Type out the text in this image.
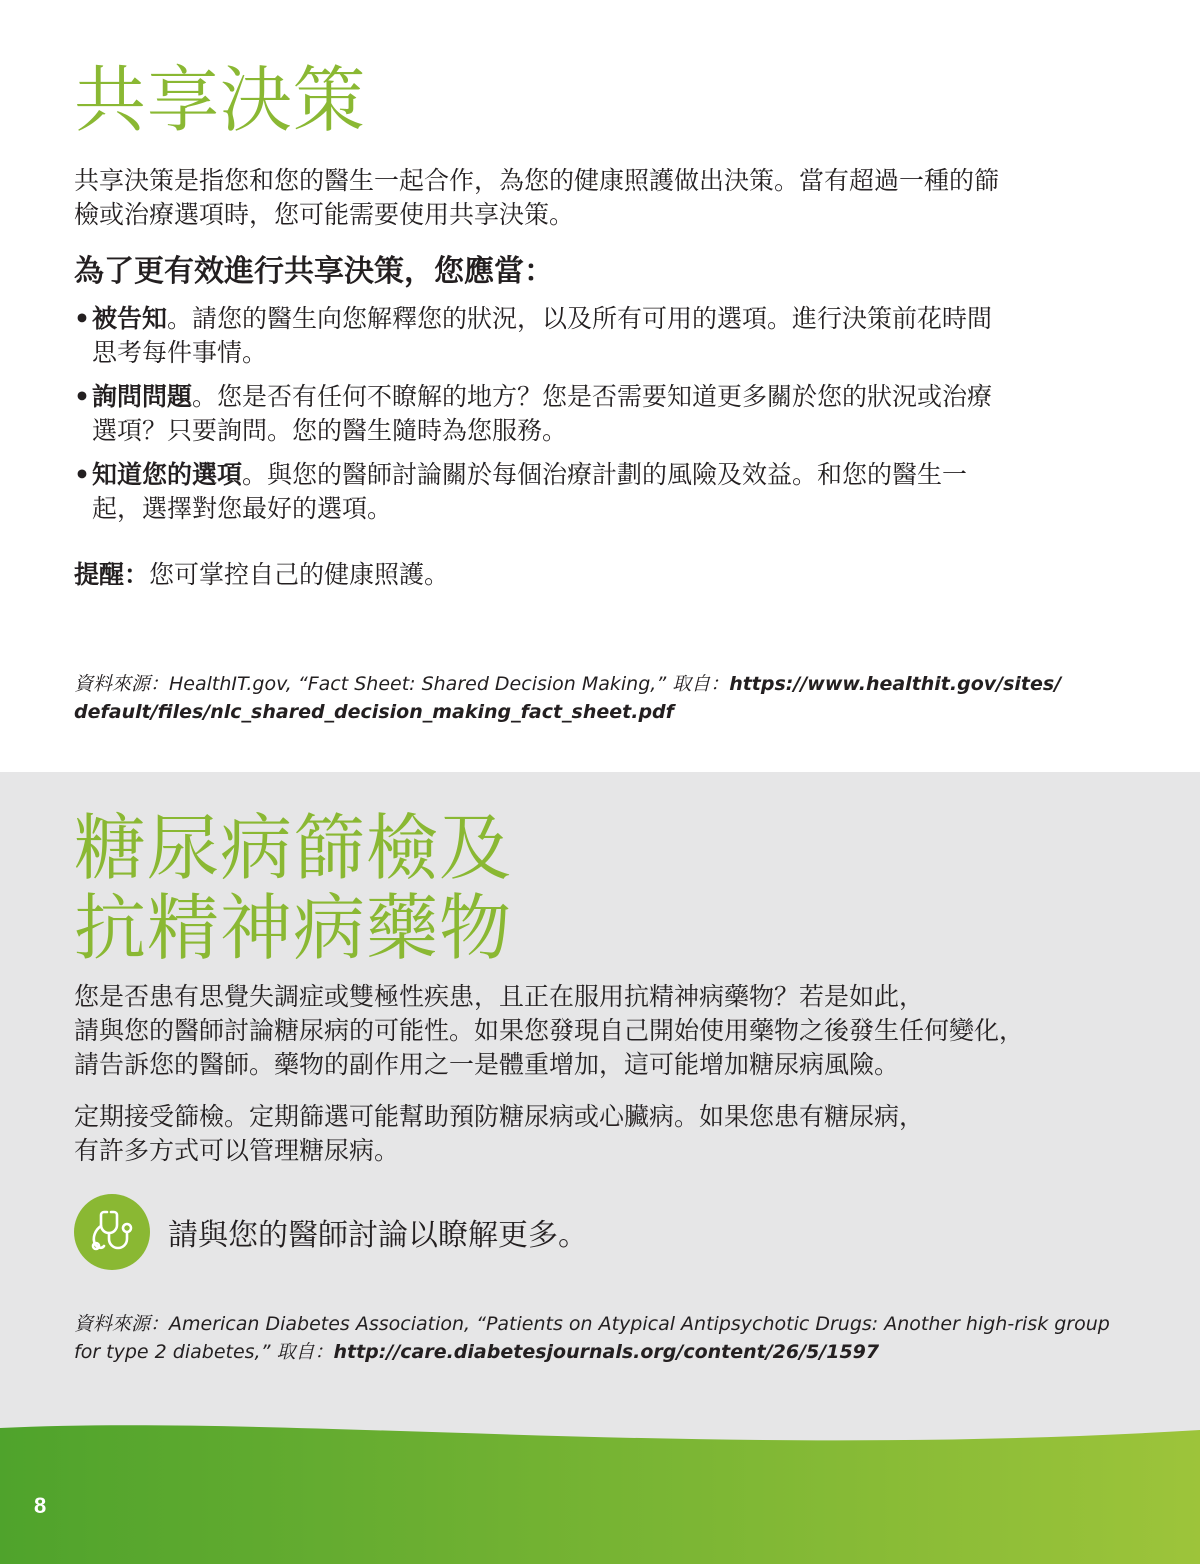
共享決策

共享決策是指您和您的醫生一起合作，為您的健康照護做出決策。當有超過一種的篩
檢或治療選項時，您可能需要使用共享決策。

為了更有效進行共享決策，您應當：
• 被告知。請您的醫生向您解釋您的狀況，以及所有可用的選項。進行決策前花時間
思考每件事情。
• 詢問問題。您是否有任何不瞭解的地方？您是否需要知道更多關於您的狀況或治療
選項？只要詢問。您的醫生隨時為您服務。
• 知道您的選項。與您的醫師討論關於每個治療計劃的風險及效益。和您的醫生一
起，選擇對您最好的選項。

提醒：您可掌控自己的健康照護。

資料來源：HealthIT.gov, “Fact Sheet: Shared Decision Making,” 取自：https://www.healthit.gov/sites/
default/files/nlc_shared_decision_making_fact_sheet.pdf

糖尿病篩檢及
抗精神病藥物

您是否患有思覺失調症或雙極性疾患，且正在服用抗精神病藥物？若是如此，
請與您的醫師討論糖尿病的可能性。如果您發現自己開始使用藥物之後發生任何變化，
請告訴您的醫師。藥物的副作用之一是體重增加，這可能增加糖尿病風險。

定期接受篩檢。定期篩選可能幫助預防糖尿病或心臟病。如果您患有糖尿病，
有許多方式可以管理糖尿病。

請與您的醫師討論以瞭解更多。

資料來源：American Diabetes Association, “Patients on Atypical Antipsychotic Drugs: Another high-risk group
for type 2 diabetes,” 取自：http://care.diabetesjournals.org/content/26/5/1597

8
